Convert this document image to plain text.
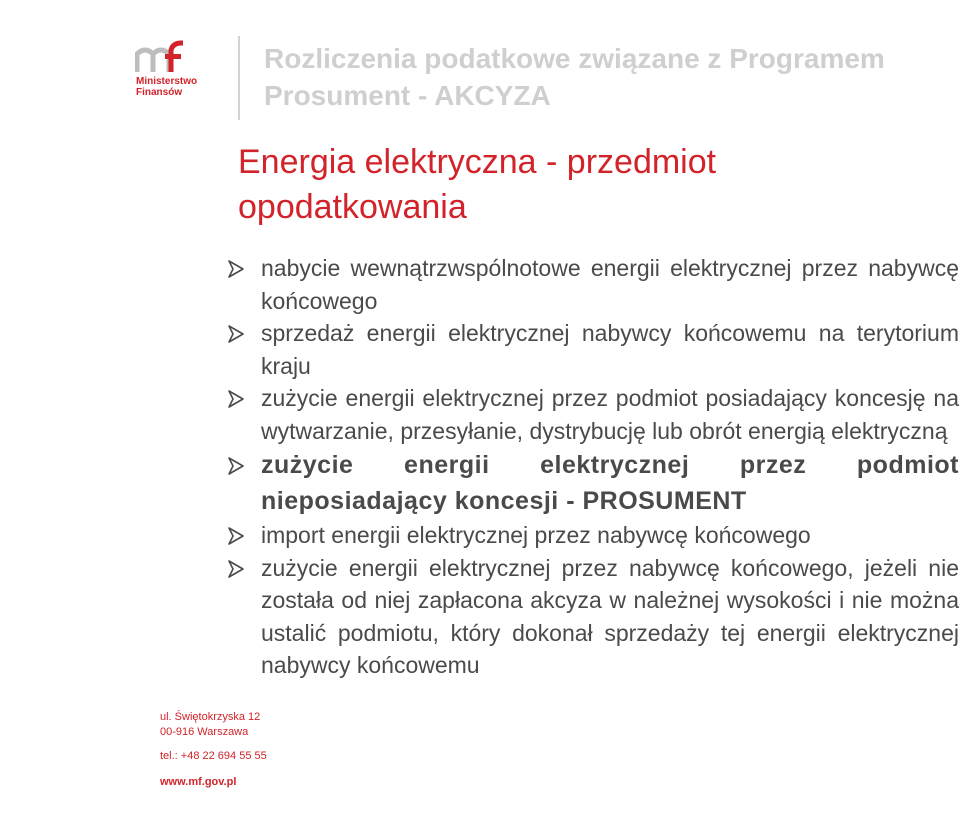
Ministerstwo
Finansów
Rozliczenia podatkowe związane z Programem Prosument - AKCYZA
Energia elektryczna - przedmiot opodatkowania
nabycie wewnątrzwspólnotowe energii elektrycznej przez nabywcę końcowego
sprzedaż energii elektrycznej nabywcy końcowemu na terytorium kraju
zużycie energii elektrycznej przez podmiot posiadający koncesję na wytwarzanie, przesyłanie, dystrybucję lub obrót energią elektryczną
zużycie energii elektrycznej przez podmiot nieposiadający koncesji - PROSUMENT
import energii elektrycznej przez nabywcę końcowego
zużycie energii elektrycznej przez nabywcę końcowego, jeżeli nie została od niej zapłacona akcyza w należnej wysokości i nie można ustalić podmiotu, który dokonał sprzedaży tej energii elektrycznej nabywcy końcowemu
ul. Świętokrzyska 12
00-916 Warszawa
tel.: +48 22 694 55 55
www.mf.gov.pl
